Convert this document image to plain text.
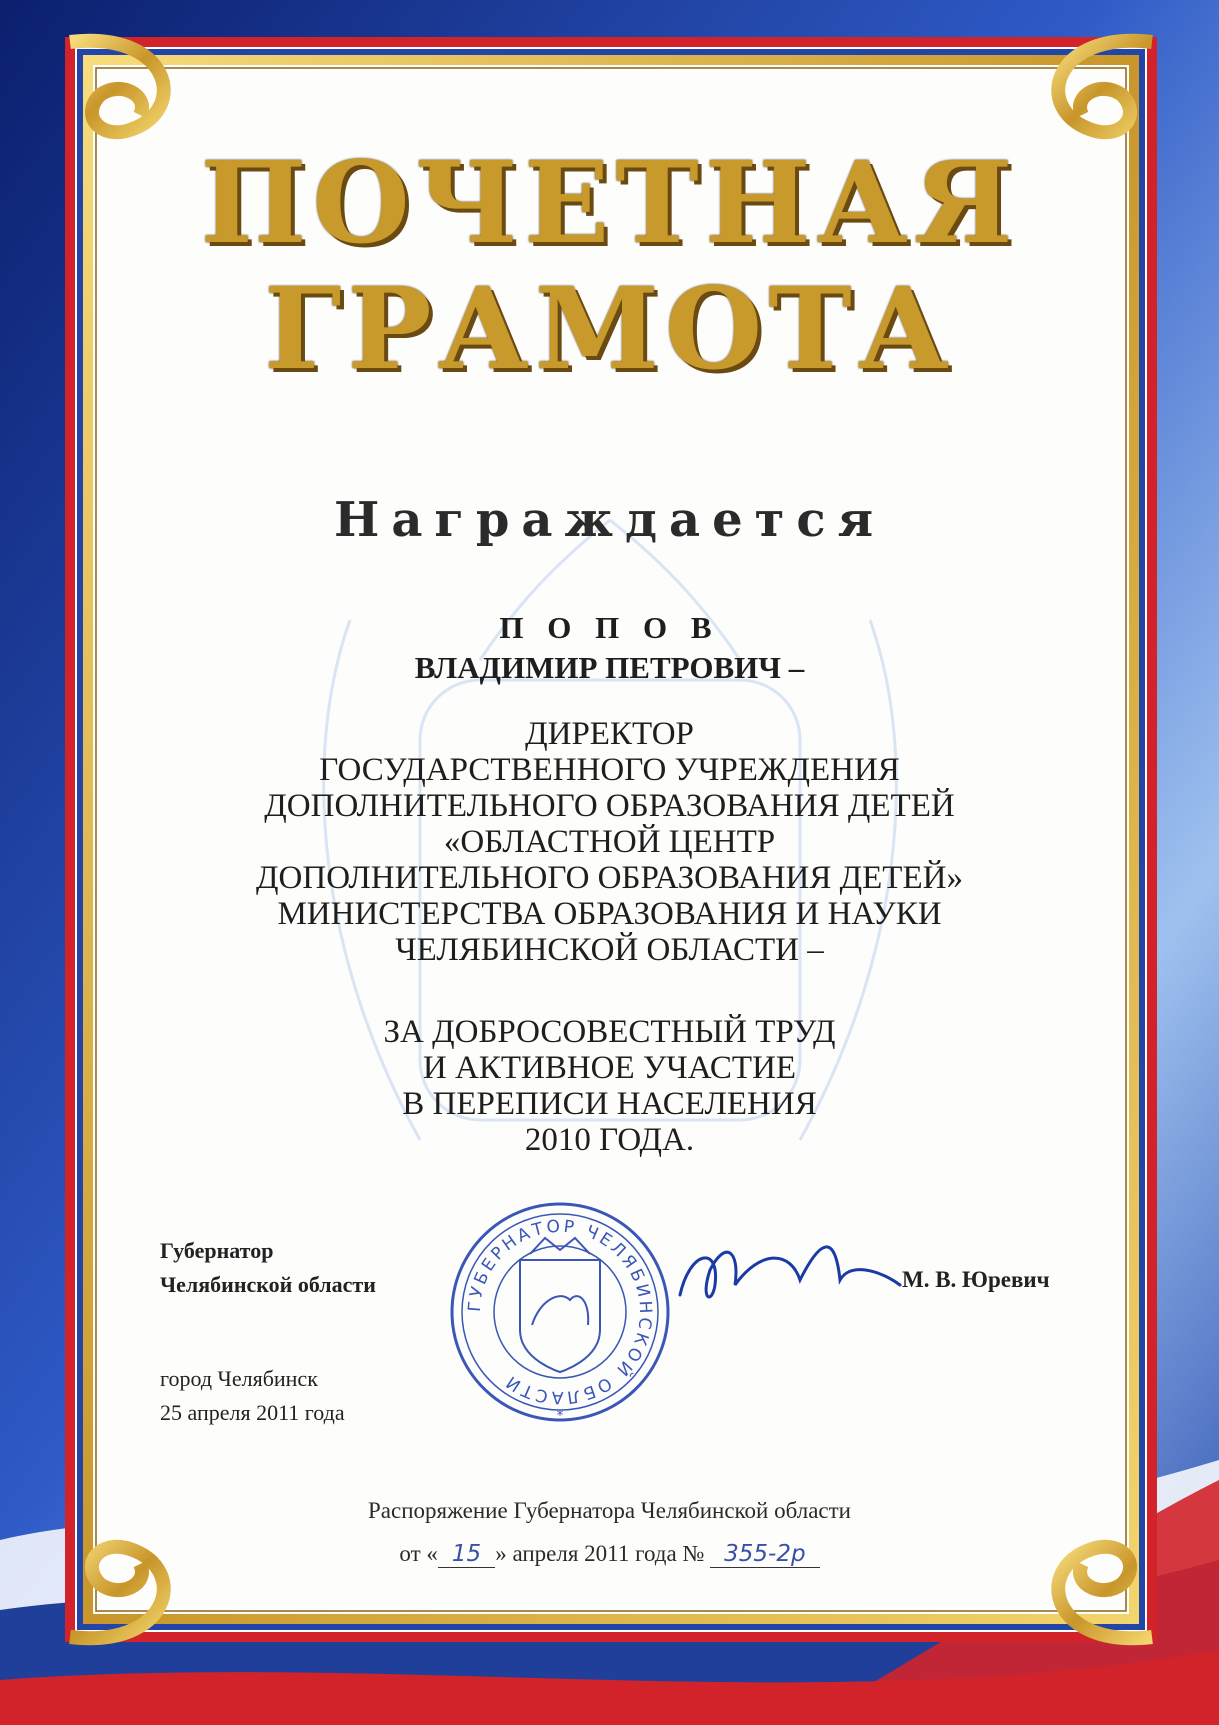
ГУБЕРНАТОР ЧЕЛЯБИНСКОЙ ОБЛАСТИ
*
ПОЧЕТНАЯ
ГРАМОТА
Награждается
П О П О В
ВЛАДИМИР ПЕТРОВИЧ –
ДИРЕКТОР
ГОСУДАРСТВЕННОГО УЧРЕЖДЕНИЯ
ДОПОЛНИТЕЛЬНОГО ОБРАЗОВАНИЯ ДЕТЕЙ
«ОБЛАСТНОЙ ЦЕНТР
ДОПОЛНИТЕЛЬНОГО ОБРАЗОВАНИЯ ДЕТЕЙ»
МИНИСТЕРСТВА ОБРАЗОВАНИЯ И НАУКИ
ЧЕЛЯБИНСКОЙ ОБЛАСТИ –
ЗА ДОБРОСОВЕСТНЫЙ ТРУД
И АКТИВНОЕ УЧАСТИЕ
В ПЕРЕПИСИ НАСЕЛЕНИЯ
2010 ГОДА.
Губернатор
Челябинской области	М. В. Юревич
город Челябинск
25 апреля 2011 года
Распоряжение Губернатора Челябинской области
от « 15 » апреля 2011 года № 355-2р
